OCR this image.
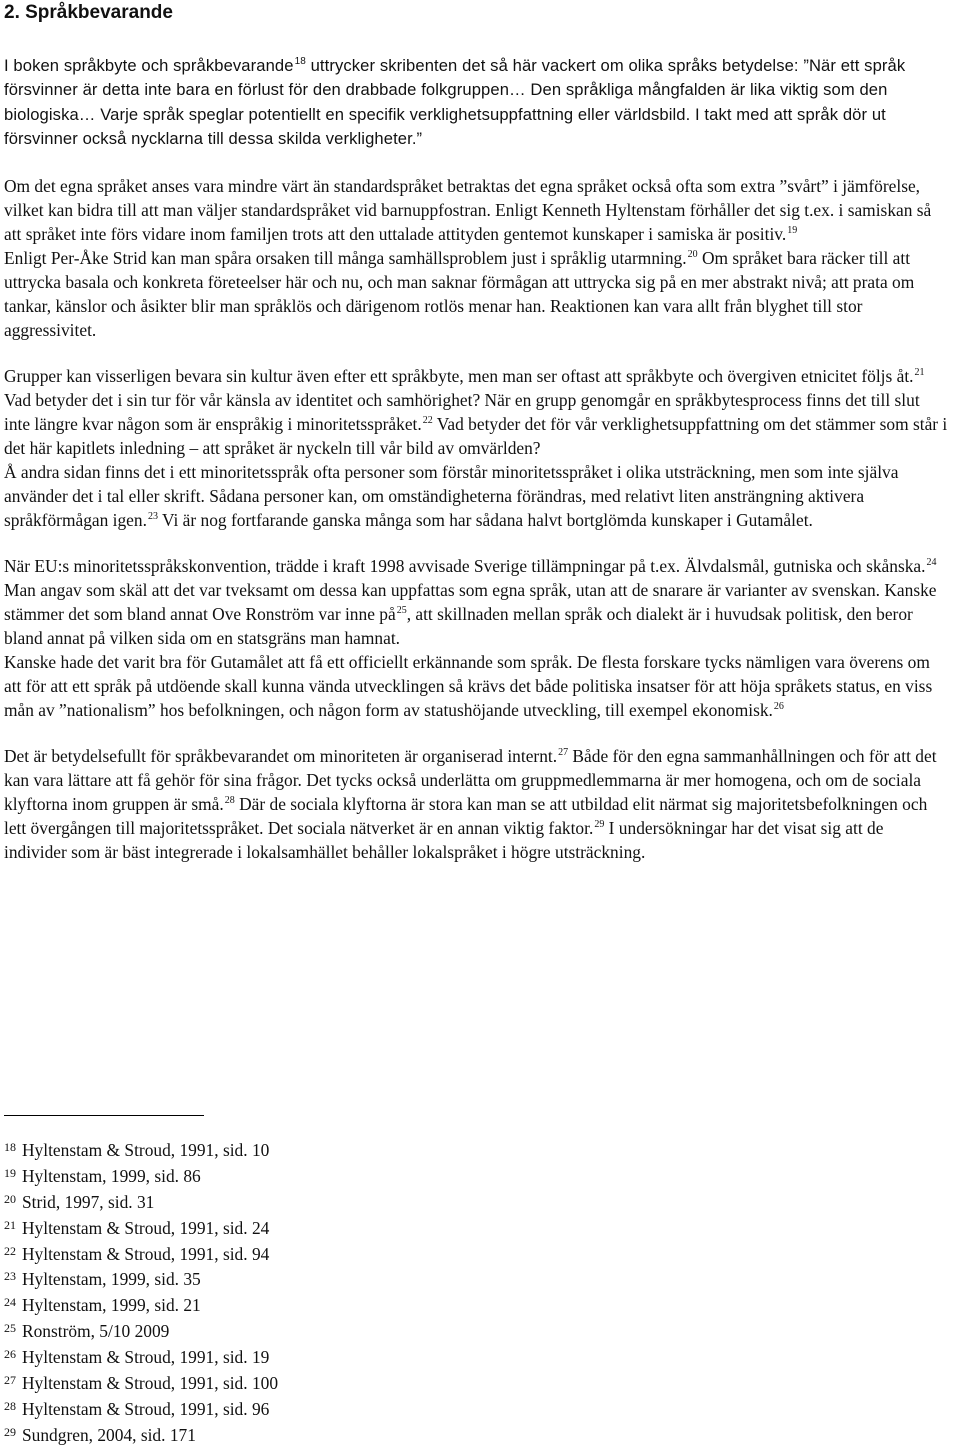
2. Språkbevarande

I boken språkbyte och språkbevarande$^{18}$ uttrycker skribenten det så här vackert om olika språks betydelse: ”När ett språk försvinner är detta inte bara en förlust för den drabbade folkgruppen… Den språkliga mångfalden är lika viktig som den biologiska… Varje språk speglar potentiellt en specifik verklighetsuppfattning eller världsbild. I takt med att språk dör ut försvinner också nycklarna till dessa skilda verkligheter.”

Om det egna språket anses vara mindre värt än standardspråket betraktas det egna språket också ofta som extra ”svårt” i jämförelse, vilket kan bidra till att man väljer standardspråket vid barnuppfostran. Enligt Kenneth Hyltenstam förhåller det sig t.ex. i samiskan så att språket inte förs vidare inom familjen trots att den uttalade attityden gentemot kunskaper i samiska är positiv.$^{19}$

Enligt Per-Åke Strid kan man spåra orsaken till många samhällsproblem just i språklig utarmning.$^{20}$ Om språket bara räcker till att uttrycka basala och konkreta företeelser här och nu, och man saknar förmågan att uttrycka sig på en mer abstrakt nivå; att prata om tankar, känslor och åsikter blir man språklös och därigenom rotlös menar han. Reaktionen kan vara allt från blyghet till stor aggressivitet.

Grupper kan visserligen bevara sin kultur även efter ett språkbyte, men man ser oftast att språkbyte och övergiven etnicitet följs åt.$^{21}$ Vad betyder det i sin tur för vår känsla av identitet och samhörighet? När en grupp genomgår en språkbytesprocess finns det till slut inte längre kvar någon som är enspråkig i minoritetsspråket.$^{22}$ Vad betyder det för vår verklighetsuppfattning om det stämmer som står i det här kapitlets inledning – att språket är nyckeln till vår bild av omvärlden?

Å andra sidan finns det i ett minoritetsspråk ofta personer som förstår minoritetsspråket i olika utsträckning, men som inte själva använder det i tal eller skrift. Sådana personer kan, om omständigheterna förändras, med relativt liten ansträngning aktivera språkförmågan igen.$^{23}$ Vi är nog fortfarande ganska många som har sådana halvt bortglömda kunskaper i Gutamålet.

När EU:s minoritetsspråkskonvention, trädde i kraft 1998 avvisade Sverige tillämpningar på t.ex. Älvdalsmål, gutniska och skånska.$^{24}$ Man angav som skäl att det var tveksamt om dessa kan uppfattas som egna språk, utan att de snarare är varianter av svenskan. Kanske stämmer det som bland annat Ove Ronström var inne $på^{25}$, att skillnaden mellan språk och dialekt är i huvudsak politisk, den beror bland annat på vilken sida om en statsgräns man hamnat.

Kanske hade det varit bra för Gutamålet att få ett officiellt erkännande som språk. De flesta forskare tycks nämligen vara överens om att för att ett språk på utdöende skall kunna vända utvecklingen så krävs det både politiska insatser för att höja språkets status, en viss mån av ”nationalism” hos befolkningen, och någon form av statushöjande utveckling, till exempel ekonomisk.$^{26}$

Det är betydelsefullt för språkbevarandet om minoriteten är organiserad internt.$^{27}$ Både för den egna sammanhållningen och för att det kan vara lättare att få gehör för sina frågor. Det tycks också underlätta om gruppmedlemmarna är mer homogena, och om de sociala klyftorna inom gruppen är små.$^{28}$ Där de sociala klyftorna är stora kan man se att utbildad elit närmat sig majoritetsbefolkningen och lett övergången till majoritetsspråket. Det sociala nätverket är en annan viktig faktor.$^{29}$ I undersökningar har det visat sig att de individer som är bäst integrerade i lokalsamhället behåller lokalspråket i högre utsträckning.

$^{18}$ Hyltenstam & Stroud, 1991, sid. 10
$^{19}$ Hyltenstam, 1999, sid. 86
$^{20}$ Strid, 1997, sid. 31
$^{21}$ Hyltenstam & Stroud, 1991, sid. 24
$^{22}$ Hyltenstam & Stroud, 1991, sid. 94
$^{23}$ Hyltenstam, 1999, sid. 35
$^{24}$ Hyltenstam, 1999, sid. 21
$^{25}$ Ronström, 5/10 2009
$^{26}$ Hyltenstam & Stroud, 1991, sid. 19
$^{27}$ Hyltenstam & Stroud, 1991, sid. 100
$^{28}$ Hyltenstam & Stroud, 1991, sid. 96
$^{29}$ Sundgren, 2004, sid. 171
